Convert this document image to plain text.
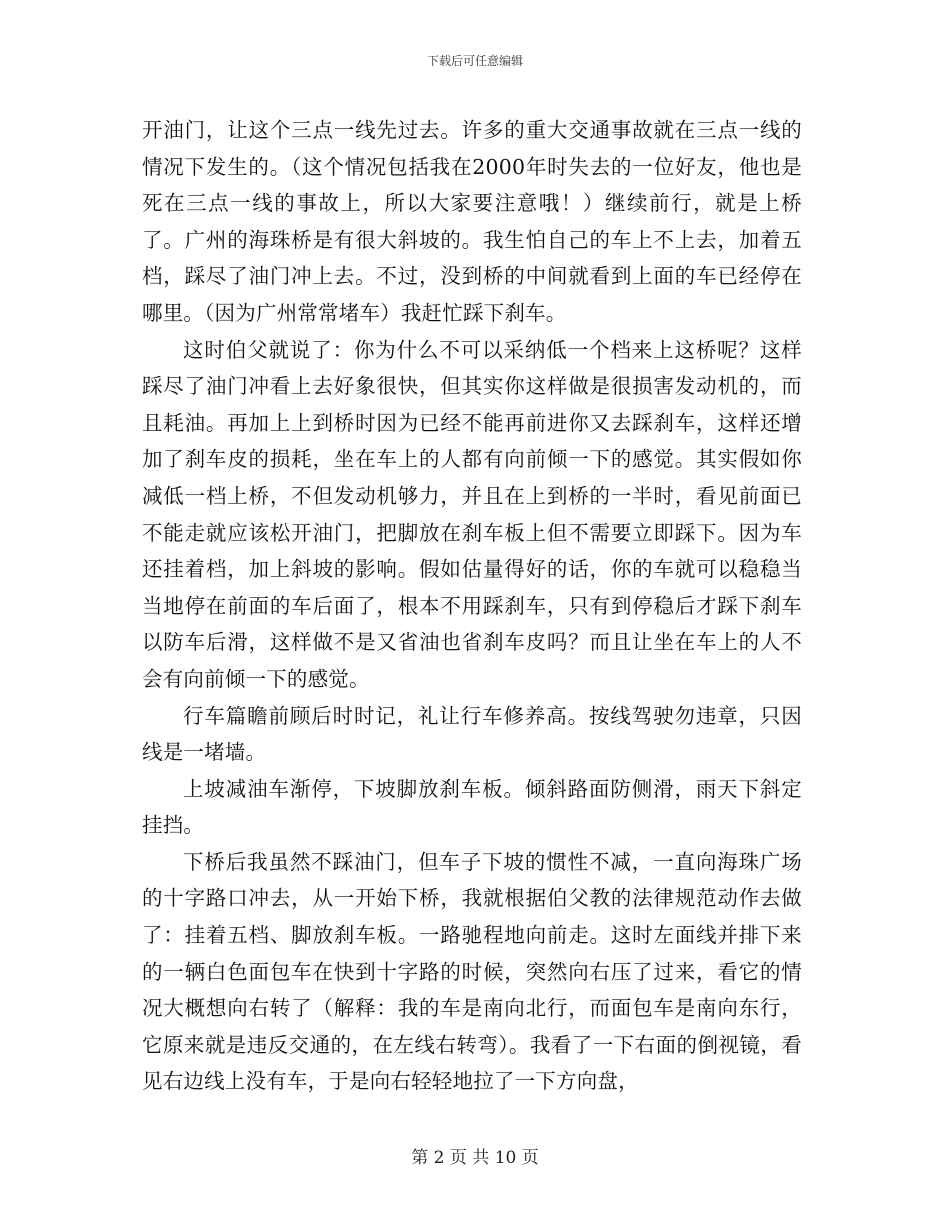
下载后可任意编辑

开油门，让这个三点一线先过去。许多的重大交通事故就在三点一线的情况下发生的。（这个情况包括我在2000年时失去的一位好友，他也是死在三点一线的事故上，所以大家要注意哦！）继续前行，就是上桥了。广州的海珠桥是有很大斜坡的。我生怕自己的车上不上去，加着五档，踩尽了油门冲上去。不过，没到桥的中间就看到上面的车已经停在哪里。（因为广州常常堵车）我赶忙踩下刹车。

这时伯父就说了：你为什么不可以采纳低一个档来上这桥呢？这样踩尽了油门冲看上去好象很快，但其实你这样做是很损害发动机的，而且耗油。再加上上到桥时因为已经不能再前进你又去踩刹车，这样还增加了刹车皮的损耗，坐在车上的人都有向前倾一下的感觉。其实假如你减低一档上桥，不但发动机够力，并且在上到桥的一半时，看见前面已不能走就应该松开油门，把脚放在刹车板上但不需要立即踩下。因为车还挂着档，加上斜坡的影响。假如估量得好的话，你的车就可以稳稳当当地停在前面的车后面了，根本不用踩刹车，只有到停稳后才踩下刹车以防车后滑，这样做不是又省油也省刹车皮吗？而且让坐在车上的人不会有向前倾一下的感觉。

行车篇瞻前顾后时时记，礼让行车修养高。按线驾驶勿违章，只因线是一堵墙。

上坡减油车渐停，下坡脚放刹车板。倾斜路面防侧滑，雨天下斜定挂挡。

下桥后我虽然不踩油门，但车子下坡的惯性不减，一直向海珠广场的十字路口冲去，从一开始下桥，我就根据伯父教的法律规范动作去做了：挂着五档、脚放刹车板。一路驰程地向前走。这时左面线并排下来的一辆白色面包车在快到十字路的时候，突然向右压了过来，看它的情况大概想向右转了（解释：我的车是南向北行，而面包车是南向东行，它原来就是违反交通的，在左线右转弯）。我看了一下右面的倒视镜，看见右边线上没有车，于是向右轻轻地拉了一下方向盘，

第 2 页 共 10 页
